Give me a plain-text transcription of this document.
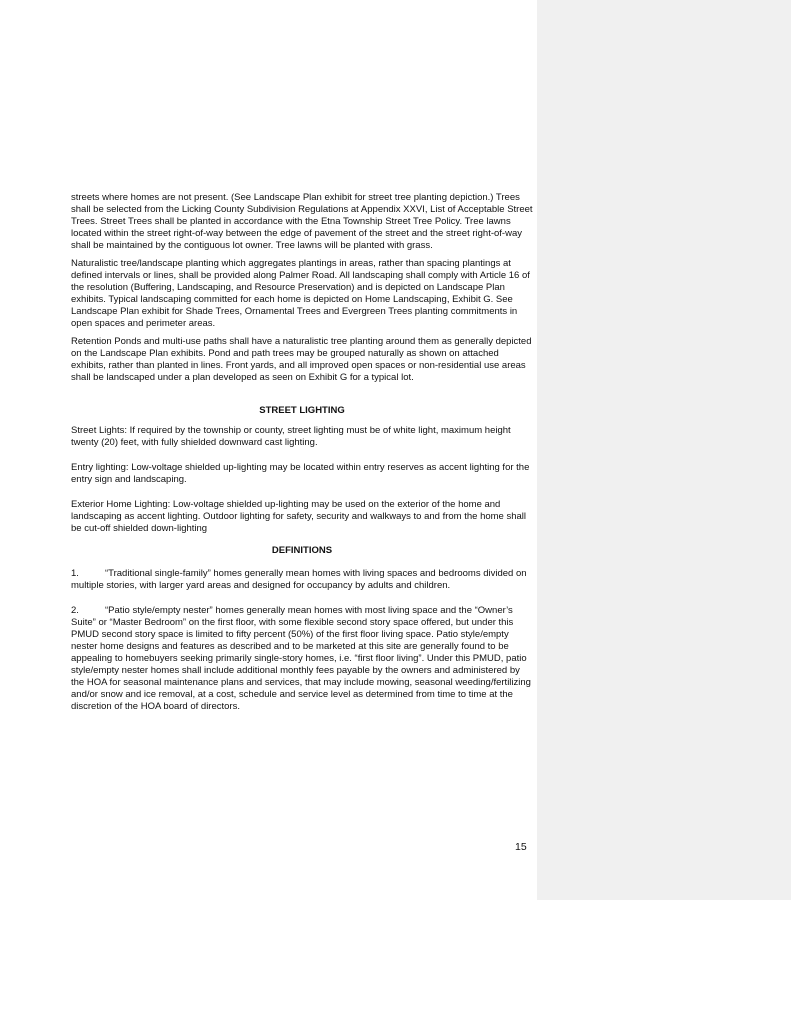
streets where homes are not present. (See Landscape Plan exhibit for street tree planting depiction.) Trees shall be selected from the Licking County Subdivision Regulations at Appendix XXVI, List of Acceptable Street Trees. Street Trees shall be planted in accordance with the Etna Township Street Tree Policy. Tree lawns located within the street right-of-way between the edge of pavement of the street and the street right-of-way shall be maintained by the contiguous lot owner. Tree lawns will be planted with grass.

Naturalistic tree/landscape planting which aggregates plantings in areas, rather than spacing plantings at defined intervals or lines, shall be provided along Palmer Road. All landscaping shall comply with Article 16 of the resolution (Buffering, Landscaping, and Resource Preservation) and is depicted on Landscape Plan exhibits. Typical landscaping committed for each home is depicted on Home Landscaping, Exhibit G. See Landscape Plan exhibit for Shade Trees, Ornamental Trees and Evergreen Trees planting commitments in open spaces and perimeter areas.

Retention Ponds and multi-use paths shall have a naturalistic tree planting around them as generally depicted on the Landscape Plan exhibits. Pond and path trees may be grouped naturally as shown on attached exhibits, rather than planted in lines. Front yards, and all improved open spaces or non-residential use areas shall be landscaped under a plan developed as seen on Exhibit G for a typical lot.

STREET LIGHTING

Street Lights: If required by the township or county, street lighting must be of white light, maximum height twenty (20) feet, with fully shielded downward cast lighting.

Entry lighting: Low-voltage shielded up-lighting may be located within entry reserves as accent lighting for the entry sign and landscaping.

Exterior Home Lighting: Low-voltage shielded up-lighting may be used on the exterior of the home and landscaping as accent lighting. Outdoor lighting for safety, security and walkways to and from the home shall be cut-off shielded down-lighting

DEFINITIONS

1.	“Traditional single-family” homes generally mean homes with living spaces and bedrooms divided on multiple stories, with larger yard areas and designed for occupancy by adults and children.

2.	“Patio style/empty nester” homes generally mean homes with most living space and the “Owner’s Suite” or “Master Bedroom” on the first floor, with some flexible second story space offered, but under this PMUD second story space is limited to fifty percent (50%) of the first floor living space. Patio style/empty nester home designs and features as described and to be marketed at this site are generally found to be appealing to homebuyers seeking primarily single-story homes, i.e. “first floor living”. Under this PMUD, patio style/empty nester homes shall include additional monthly fees payable by the owners and administered by the HOA for seasonal maintenance plans and services, that may include mowing, seasonal weeding/fertilizing and/or snow and ice removal, at a cost, schedule and service level as determined from time to time at the discretion of the HOA board of directors.

15
